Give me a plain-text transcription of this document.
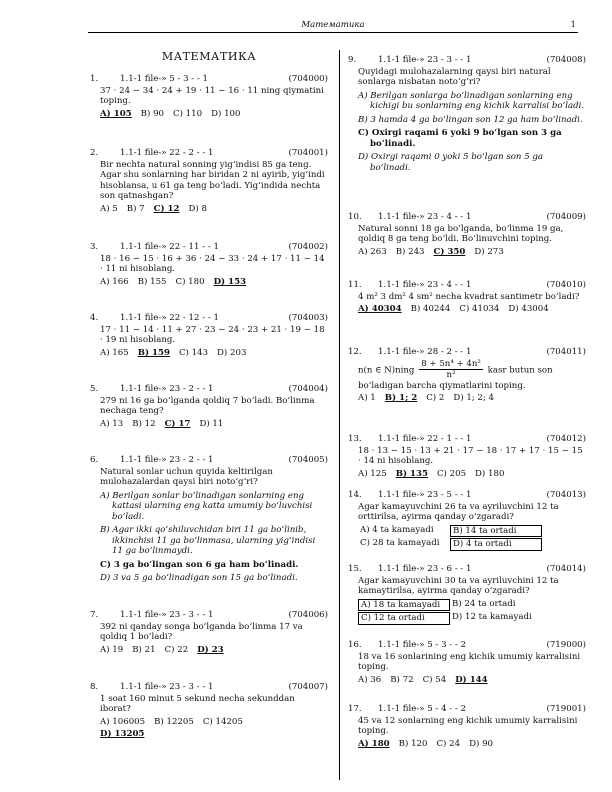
Математика	1
МАТЕМАТИКА
1.	1.1-1 file-» 5 - 3 - - 1	(704000)
37 · 24 − 34 · 24 + 19 · 11 − 16 · 11 ning qiymatini toping.
A) 105 B) 90 C) 110 D) 100
2.	1.1-1 file-» 22 - 2 - - 1	(704001)
Bir nechta natural sonning yig‘indisi 85 ga teng. Agar shu sonlarning har biridan 2 ni ayirib, yig‘indi hisoblansa, u 61 ga teng bo‘ladi. Yig‘indida nechta son qatnashgan?
A) 5 B) 7 C) 12 D) 8
3.	1.1-1 file-» 22 - 11 - - 1	(704002)
18 · 16 − 15 · 16 + 36 · 24 − 33 · 24 + 17 · 11 − 14 · 11 ni hisoblang.
A) 166 B) 155 C) 180 D) 153
4.	1.1-1 file-» 22 - 12 - - 1	(704003)
17 · 11 − 14 · 11 + 27 · 23 − 24 · 23 + 21 · 19 − 18 · 19 ni hisoblang.
A) 165 B) 159 C) 143 D) 203
5.	1.1-1 file-» 23 - 2 - - 1	(704004)
279 ni 16 ga bo‘lganda qoldiq 7 bo‘ladi. Bo‘linma nechaga teng?
A) 13 B) 12 C) 17 D) 11
6.	1.1-1 file-» 23 - 2 - - 1	(704005)
Natural sonlar uchun quyida keltirilgan mulohazalardan qaysi biri noto‘g‘ri?
A) Berilgan sonlar bo‘linadigan sonlarning eng kattasi ularning eng katta umumiy bo‘luvchisi bo‘ladi.
B) Agar ikki qo‘shiluvchidan biri 11 ga bo‘linib, ikkinchisi 11 ga bo‘linmasa, ularning yig‘indisi 11 ga bo‘linmaydi.
C) 3 ga bo‘lingan son 6 ga ham bo‘linadi.
D) 3 va 5 ga bo‘linadigan son 15 ga bo‘linadi.
7.	1.1-1 file-» 23 - 3 - - 1	(704006)
392 ni qanday songa bo‘lganda bo‘linma 17 va qoldiq 1 bo‘ladi?
A) 19 B) 21 C) 22 D) 23
8.	1.1-1 file-» 23 - 3 - - 1	(704007)
1 soat 160 minut 5 sekund necha sekunddan iborat?
A) 106005 B) 12205 C) 14205
D) 13205
9.	1.1-1 file-» 23 - 3 - - 1	(704008)
Quyidagi mulohazalarning qaysi biri natural sonlarga nisbatan noto‘g‘ri?
A) Berilgan sonlarga bo‘linadigan sonlarning eng kichigi bu sonlarning eng kichik karralisi bo‘ladi.
B) 3 hamda 4 ga bo‘lingan son 12 ga ham bo‘linadi.
C) Oxirgi raqami 6 yoki 9 bo‘lgan son 3 ga bo‘linadi.
D) Oxirgi raqami 0 yoki 5 bo‘lgan son 5 ga bo‘linadi.
10. 1.1-1 file-» 23 - 4 - - 1	(704009)
Natural sonni 18 ga bo‘lganda, bo‘linma 19 ga, qoldiq 8 ga teng bo‘ldi. Bo‘linuvchini toping.
A) 263 B) 243 C) 350 D) 273
11. 1.1-1 file-» 23 - 4 - - 1	(704010)
4 m² 3 dm² 4 sm² necha kvadrat santimetr bo‘ladi?
A) 40304 B) 40244 C) 41034 D) 43004
12. 1.1-1 file-» 28 - 2 - - 1	(704011)
n(n ∈ N)ning $\frac{\text{8 + 5n⁴ + 4n²}}{\text{n²}}$ kasr butun son bo‘ladigan barcha qiymatlarini toping.
A) 1 B) 1; 2 C) 2 D) 1; 2; 4
13. 1.1-1 file-» 22 - 1 - - 1	(704012)
18 · 13 − 15 · 13 + 21 · 17 − 18 · 17 + 17 · 15 − 15 · 14 ni hisoblang.
A) 125 B) 135 C) 205 D) 180
14. 1.1-1 file-» 23 - 5 - - 1	(704013)
Agar kamayuvchini 26 ta va ayriluvchini 12 ta orttirilsa, ayirma qanday o‘zgaradi?
A) 4 ta kamayadi	B) 14 ta ortadi
C) 28 ta kamayadi	D) 4 ta ortadi
15. 1.1-1 file-» 23 - 6 - - 1	(704014)
Agar kamayuvchini 30 ta va ayriluvchini 12 ta kamaytirilsa, ayirma qanday o‘zgaradi?
A) 18 ta kamayadi	B) 24 ta ortadi
C) 12 ta ortadi	D) 12 ta kamayadi
16. 1.1-1 file-» 5 - 3 - - 2	(719000)
18 va 16 sonlarining eng kichik umumiy karralisini toping.
A) 36 B) 72 C) 54 D) 144
17. 1.1-1 file-» 5 - 4 - - 2	(719001)
45 va 12 sonlarning eng kichik umumiy karralisini toping.
A) 180 B) 120 C) 24 D) 90
